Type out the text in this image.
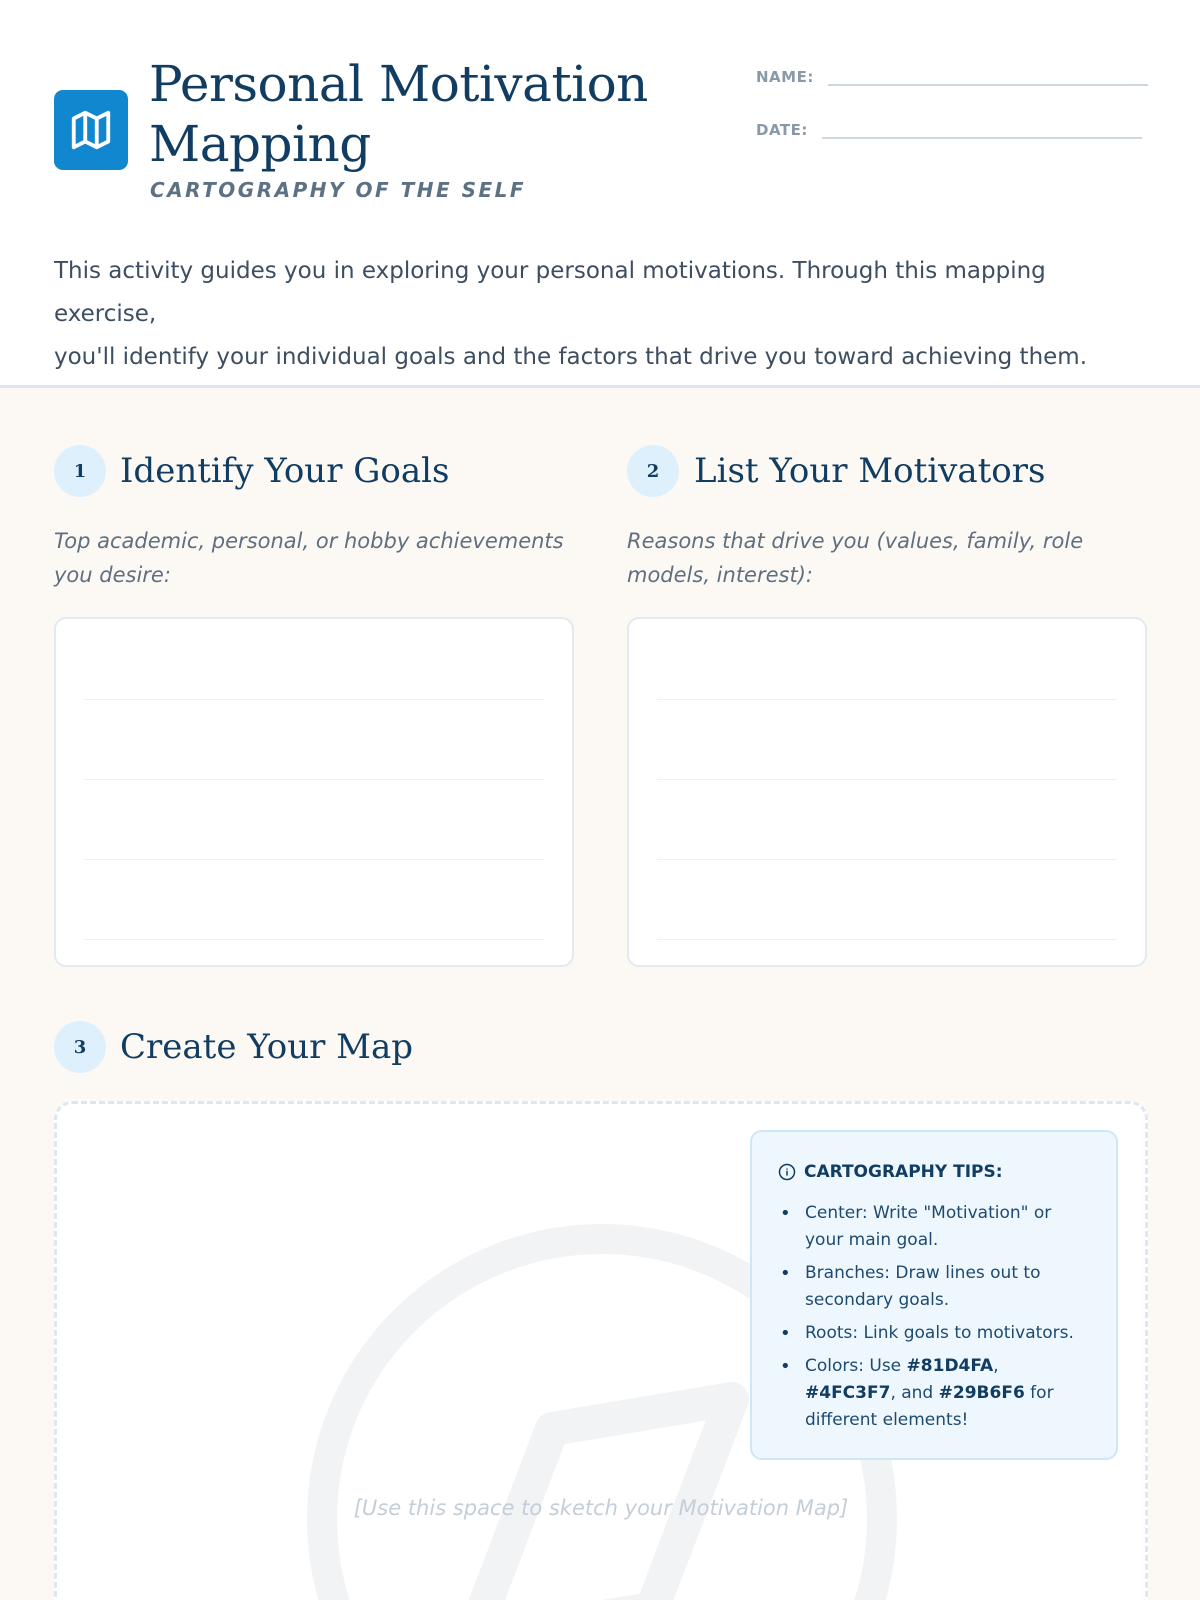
Personal Motivation
Mapping
CARTOGRAPHY OF THE SELF
NAME:
DATE:

This activity guides you in exploring your personal motivations. Through this mapping exercise,
you'll identify your individual goals and the factors that drive you toward achieving them.

1 Identify Your Goals
Top academic, personal, or hobby achievements you desire:
2	List Your Motivators
Reasons that drive you (values, family, role models, interest):
3 Create Your Map
[Use this space to sketch your Motivation Map]
CARTOGRAPHY TIPS:
• Center: Write "Motivation" or your main goal.
• Branches: Draw lines out to secondary goals.
• Roots: Link goals to motivators.
• Colors: Use #81D4FA, #4FC3F7, and #29B6F6 for different elements!
